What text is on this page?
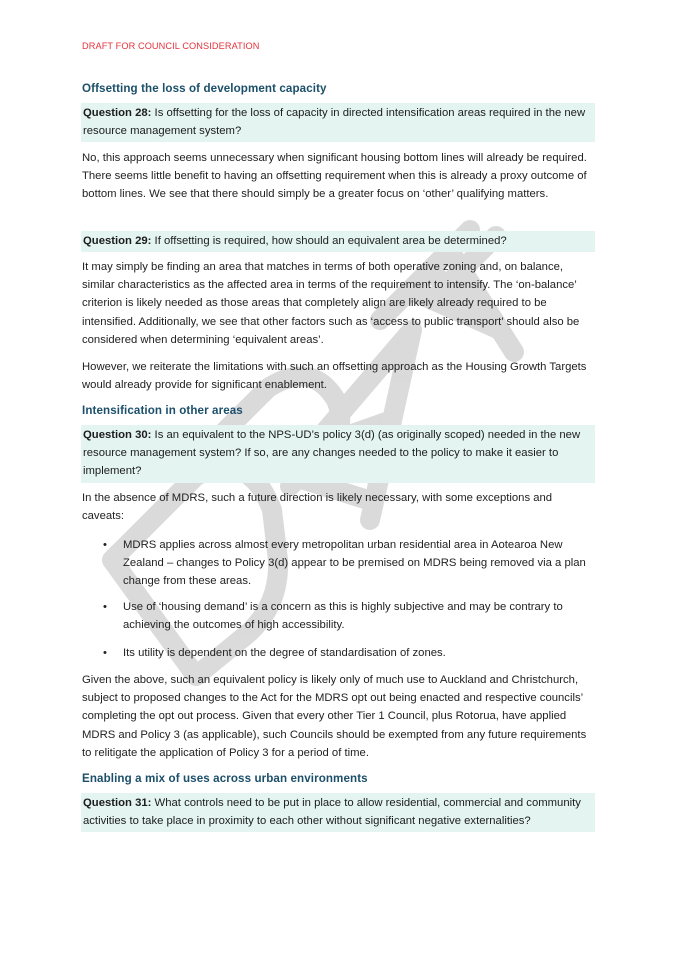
DRAFT FOR COUNCIL CONSIDERATION
Offsetting the loss of development capacity
Question 28: Is offsetting for the loss of capacity in directed intensification areas required in the new resource management system?

No, this approach seems unnecessary when significant housing bottom lines will already be required. There seems little benefit to having an offsetting requirement when this is already a proxy outcome of bottom lines. We see that there should simply be a greater focus on ‘other’ qualifying matters.

Question 29: If offsetting is required, how should an equivalent area be determined?

It may simply be finding an area that matches in terms of both operative zoning and, on balance, similar characteristics as the affected area in terms of the requirement to intensify. The ‘on-balance’ criterion is likely needed as those areas that completely align are likely already required to be intensified. Additionally, we see that other factors such as ‘access to public transport’ should also be considered when determining ‘equivalent areas’.

However, we reiterate the limitations with such an offsetting approach as the Housing Growth Targets would already provide for significant enablement.

Intensification in other areas
Question 30: Is an equivalent to the NPS-UD’s policy 3(d) (as originally scoped) needed in the new resource management system? If so, are any changes needed to the policy to make it easier to implement?

In the absence of MDRS, such a future direction is likely necessary, with some exceptions and caveats:

• MDRS applies across almost every metropolitan urban residential area in Aotearoa New Zealand – changes to Policy 3(d) appear to be premised on MDRS being removed via a plan change from these areas.
• Use of ‘housing demand’ is a concern as this is highly subjective and may be contrary to achieving the outcomes of high accessibility.
• Its utility is dependent on the degree of standardisation of zones.

Given the above, such an equivalent policy is likely only of much use to Auckland and Christchurch, subject to proposed changes to the Act for the MDRS opt out being enacted and respective councils’ completing the opt out process. Given that every other Tier 1 Council, plus Rotorua, have applied MDRS and Policy 3 (as applicable), such Councils should be exempted from any future requirements to relitigate the application of Policy 3 for a period of time.

Enabling a mix of uses across urban environments
Question 31: What controls need to be put in place to allow residential, commercial and community activities to take place in proximity to each other without significant negative externalities?
